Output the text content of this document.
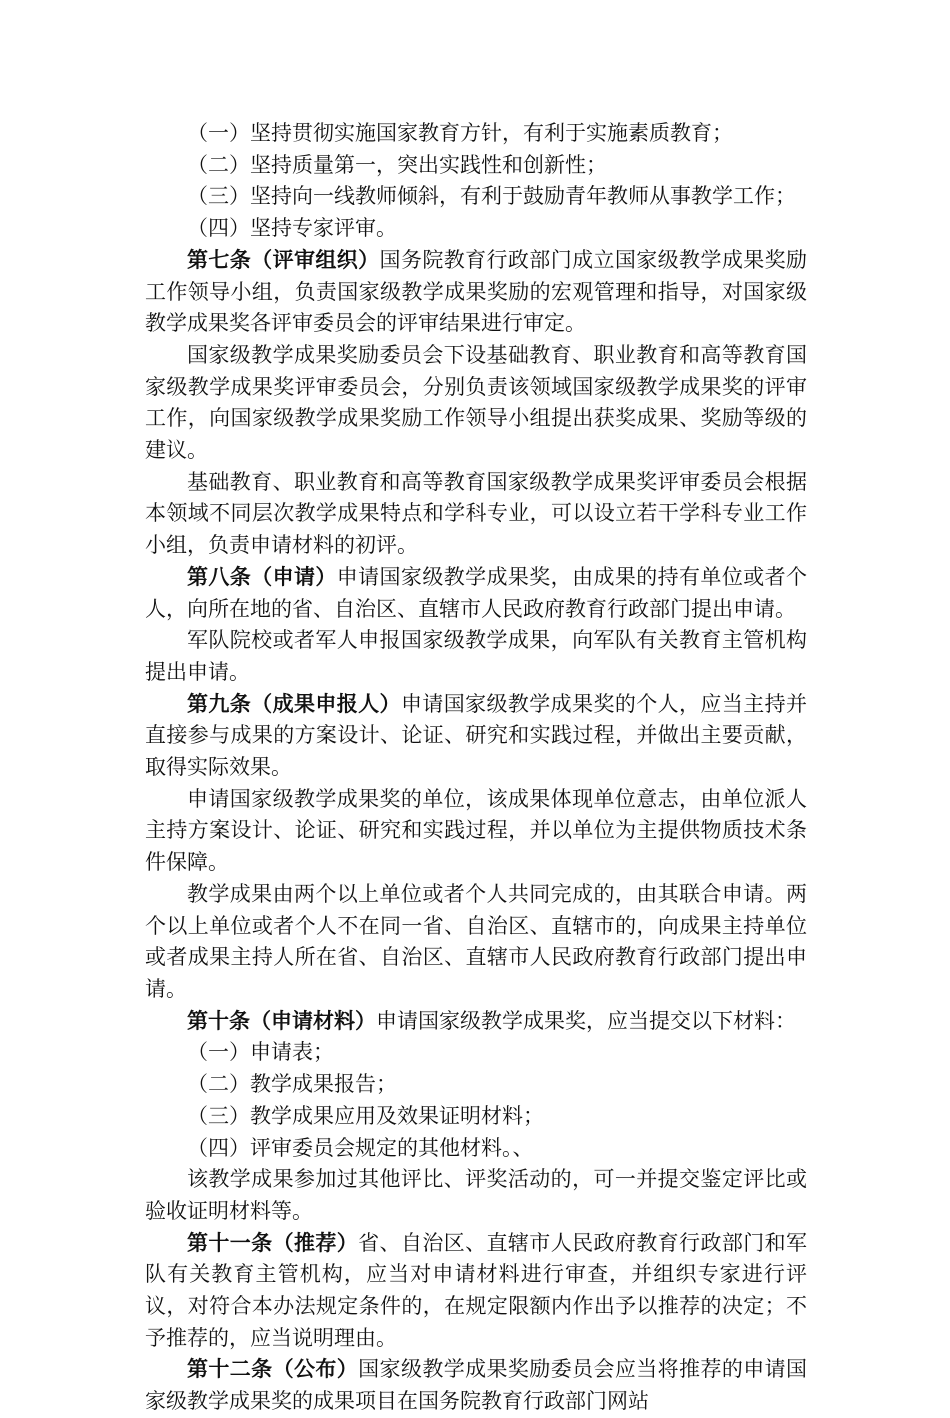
（一）坚持贯彻实施国家教育方针，有利于实施素质教育；

（二）坚持质量第一，突出实践性和创新性；

（三）坚持向一线教师倾斜，有利于鼓励青年教师从事教学工作；

（四）坚持专家评审。

第七条（评审组织）国务院教育行政部门成立国家级教学成果奖励工作领导小组，负责国家级教学成果奖励的宏观管理和指导，对国家级教学成果奖各评审委员会的评审结果进行审定。

国家级教学成果奖励委员会下设基础教育、职业教育和高等教育国家级教学成果奖评审委员会，分别负责该领域国家级教学成果奖的评审工作，向国家级教学成果奖励工作领导小组提出获奖成果、奖励等级的建议。

基础教育、职业教育和高等教育国家级教学成果奖评审委员会根据本领域不同层次教学成果特点和学科专业，可以设立若干学科专业工作小组，负责申请材料的初评。

第八条（申请）申请国家级教学成果奖，由成果的持有单位或者个人，向所在地的省、自治区、直辖市人民政府教育行政部门提出申请。

军队院校或者军人申报国家级教学成果，向军队有关教育主管机构提出申请。

第九条（成果申报人）申请国家级教学成果奖的个人，应当主持并直接参与成果的方案设计、论证、研究和实践过程，并做出主要贡献，取得实际效果。

申请国家级教学成果奖的单位，该成果体现单位意志，由单位派人主持方案设计、论证、研究和实践过程，并以单位为主提供物质技术条件保障。

教学成果由两个以上单位或者个人共同完成的，由其联合申请。两个以上单位或者个人不在同一省、自治区、直辖市的，向成果主持单位或者成果主持人所在省、自治区、直辖市人民政府教育行政部门提出申请。

第十条（申请材料）申请国家级教学成果奖，应当提交以下材料：

（一）申请表；

（二）教学成果报告；

（三）教学成果应用及效果证明材料；

（四）评审委员会规定的其他材料。、

该教学成果参加过其他评比、评奖活动的，可一并提交鉴定评比或验收证明材料等。

第十一条（推荐）省、自治区、直辖市人民政府教育行政部门和军队有关教育主管机构，应当对申请材料进行审查，并组织专家进行评议，对符合本办法规定条件的，在规定限额内作出予以推荐的决定；不予推荐的，应当说明理由。

第十二条（公布）国家级教学成果奖励委员会应当将推荐的申请国家级教学成果奖的成果项目在国务院教育行政部门网站
